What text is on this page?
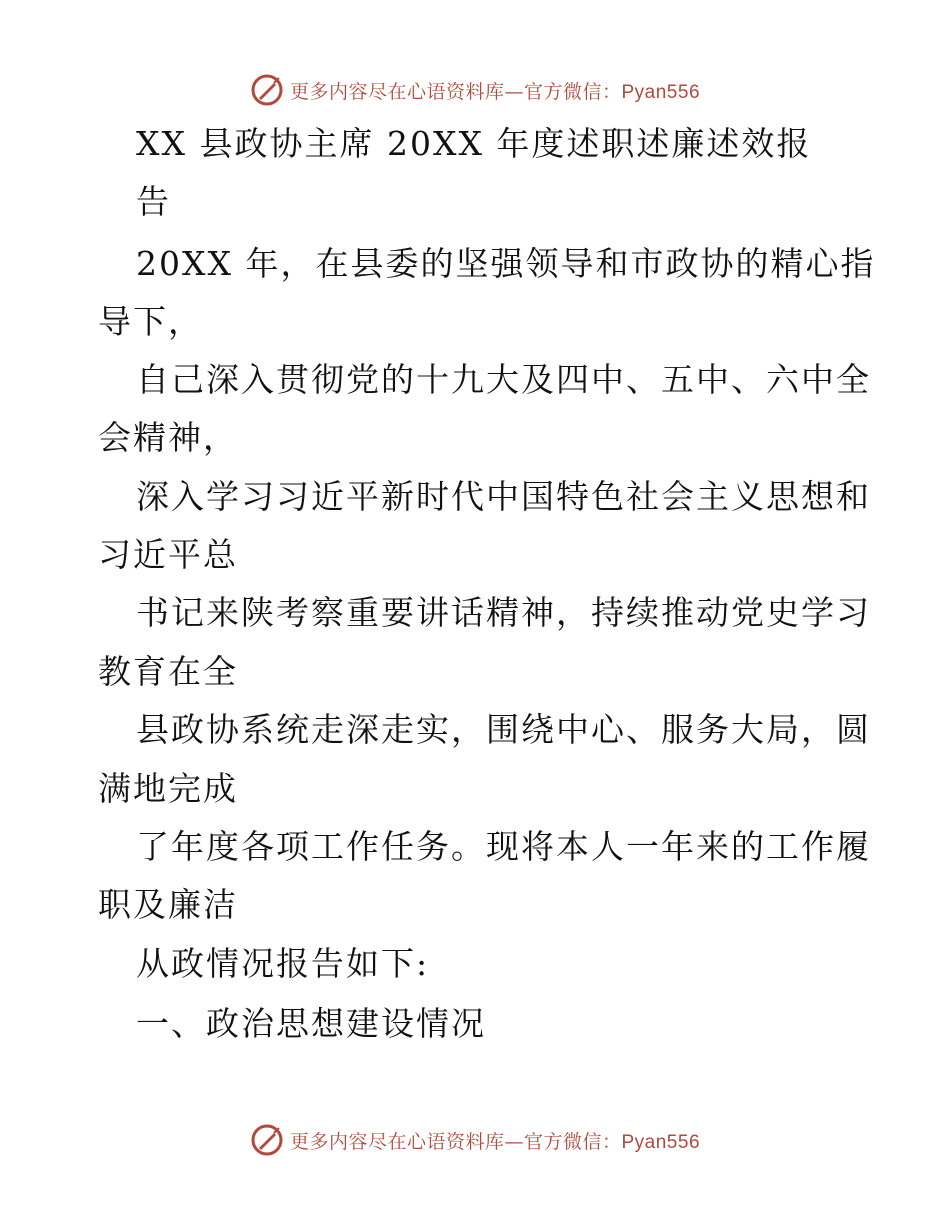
更多内容尽在心语资料库—官方微信：Pyan556
XX 县政协主席 20XX 年度述职述廉述效报
告
20XX 年，在县委的坚强领导和市政协的精心指
导下，
自己深入贯彻党的十九大及四中、五中、六中全
会精神，
深入学习习近平新时代中国特色社会主义思想和
习近平总
书记来陕考察重要讲话精神，持续推动党史学习
教育在全
县政协系统走深走实，围绕中心、服务大局，圆
满地完成
了年度各项工作任务。现将本人一年来的工作履
职及廉洁
从政情况报告如下:
一、政治思想建设情况
更多内容尽在心语资料库—官方微信：Pyan556
